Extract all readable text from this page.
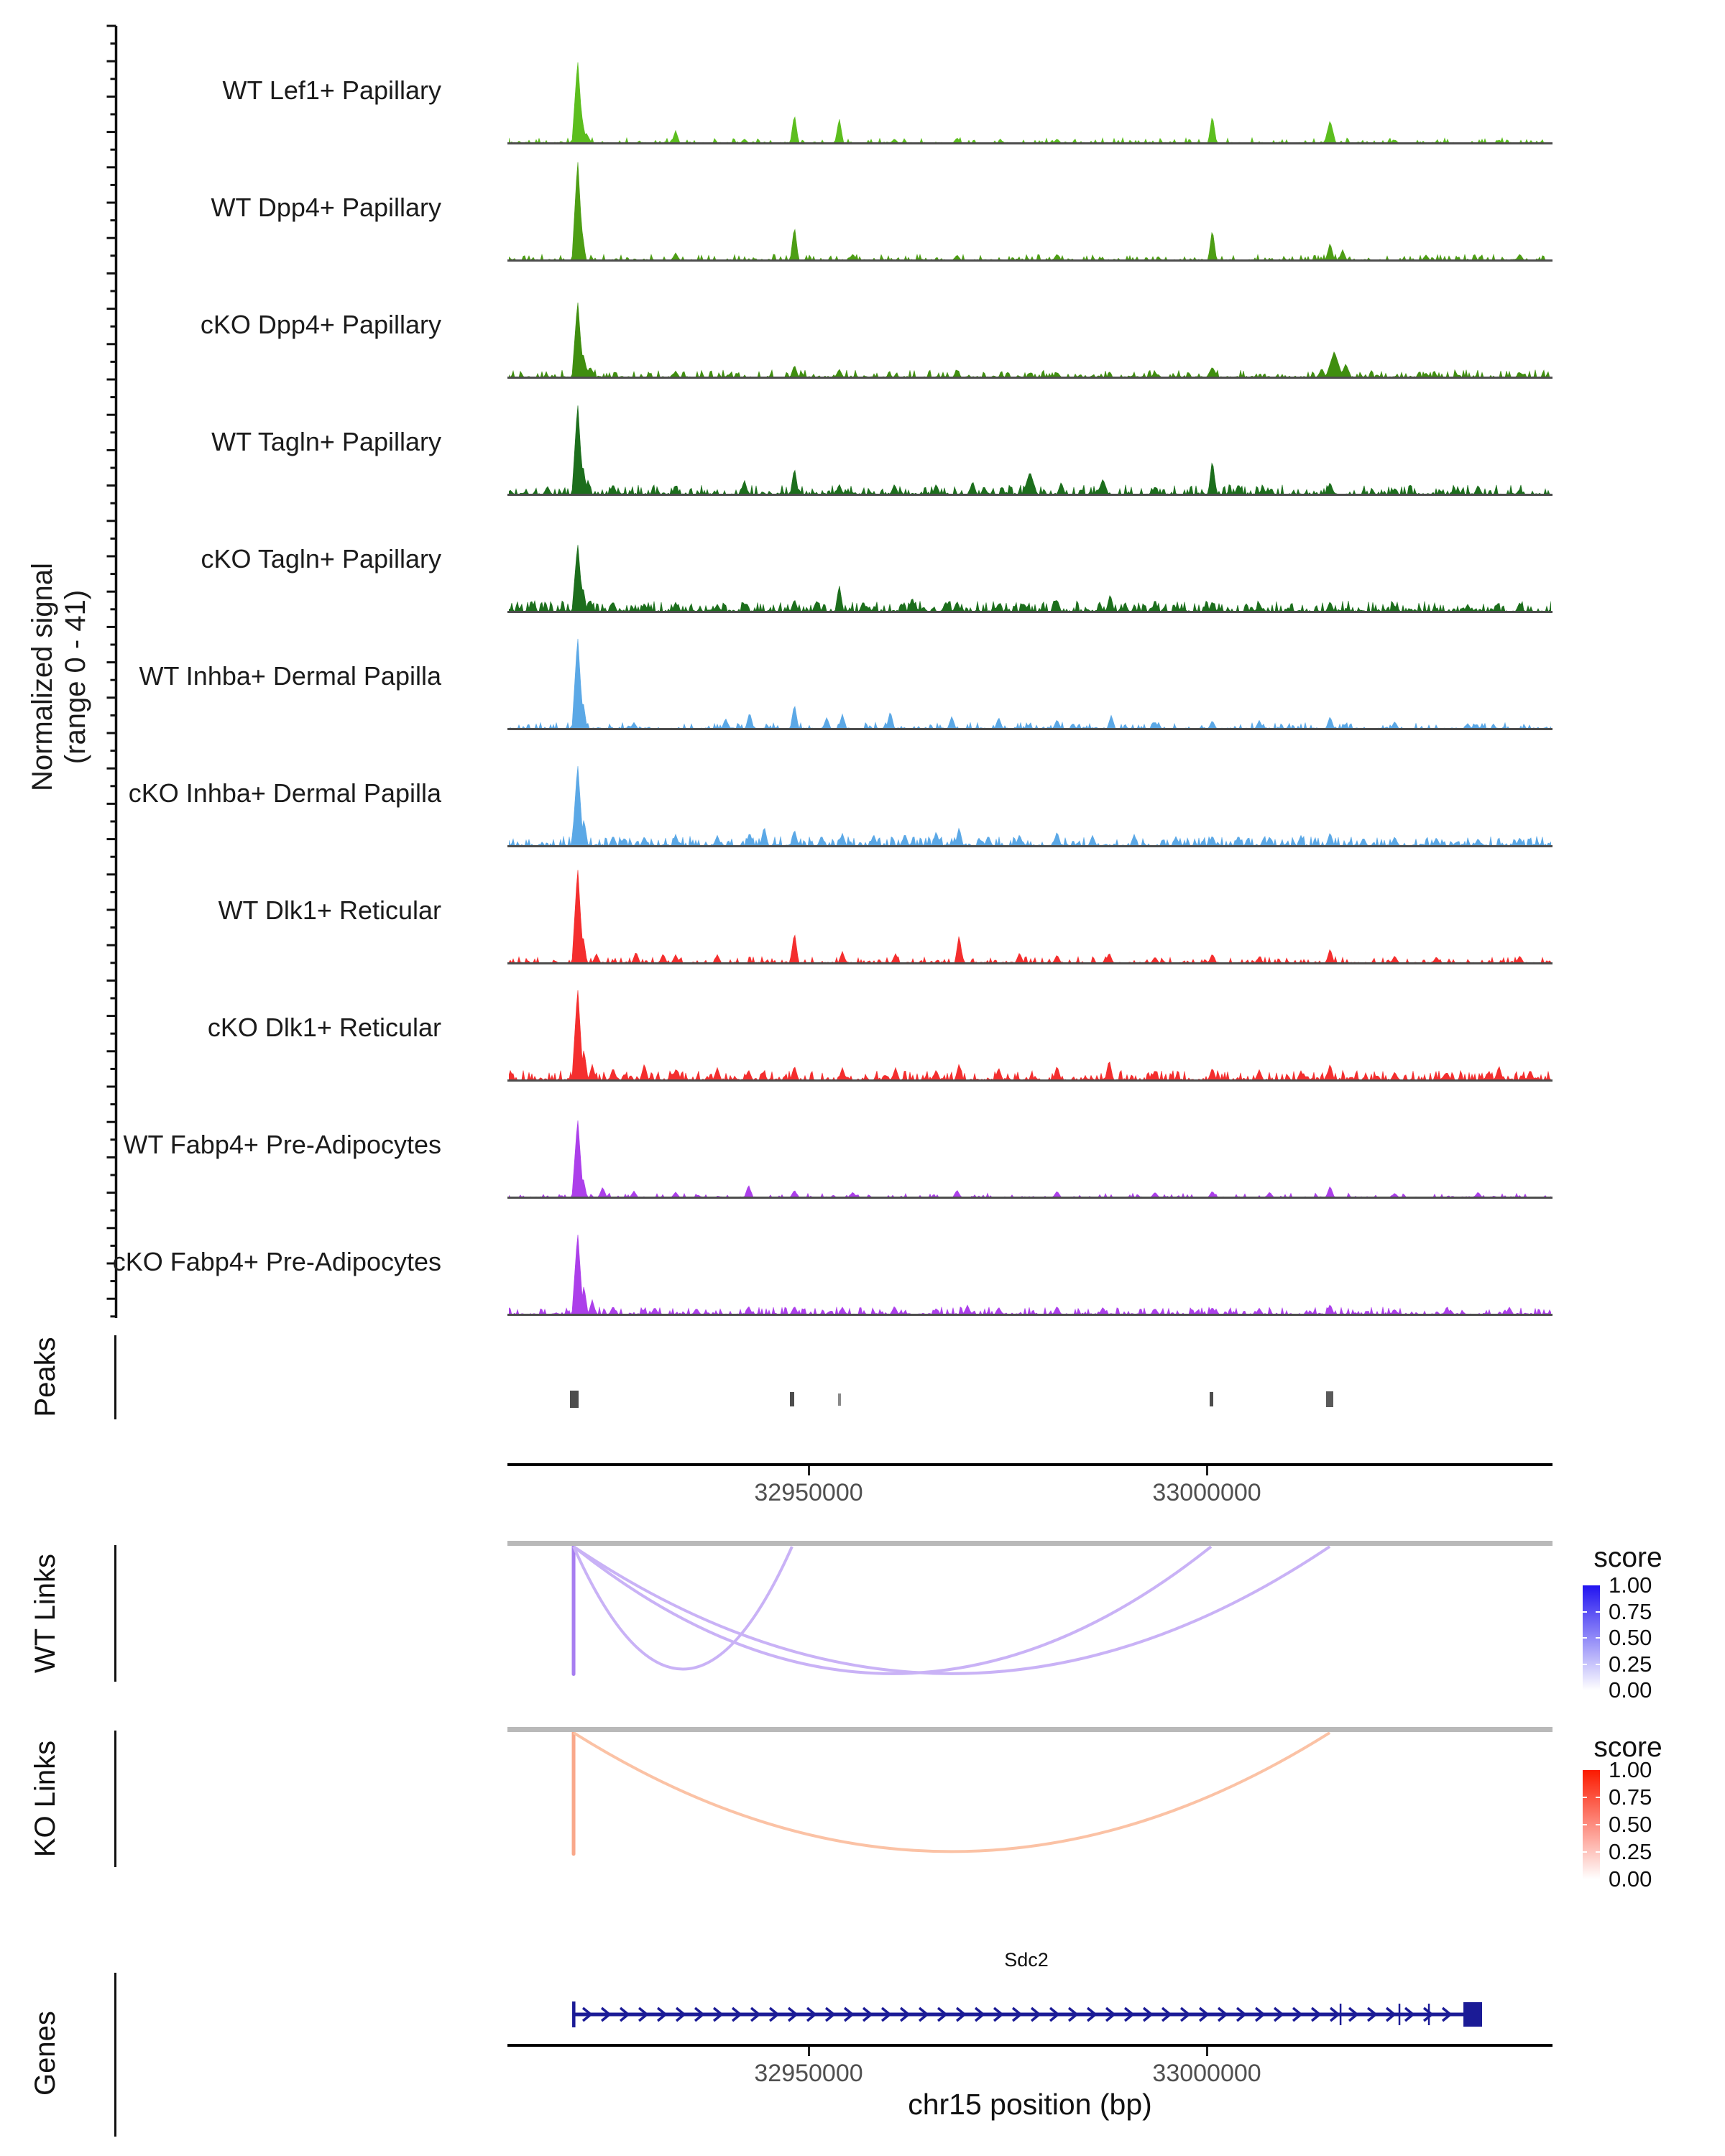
Normalized signal (range 0 - 41)
Peaks
WT Links
KO Links
Genes
WT Lef1+ Papillary
WT Dpp4+ Papillary
cKO Dpp4+ Papillary
WT Tagln+ Papillary
cKO Tagln+ Papillary
WT Inhba+ Dermal Papilla
cKO Inhba+ Dermal Papilla
WT Dlk1+ Reticular
cKO Dlk1+ Reticular
WT Fabp4+ Pre-Adipocytes
cKO Fabp4+ Pre-Adipocytes
32950000	33000000
score
1.00
0.75
0.50
0.25
0.00
score
1.00
0.75
0.50
0.25
0.00
Sdc2
32950000	33000000
chr15 position (bp)
